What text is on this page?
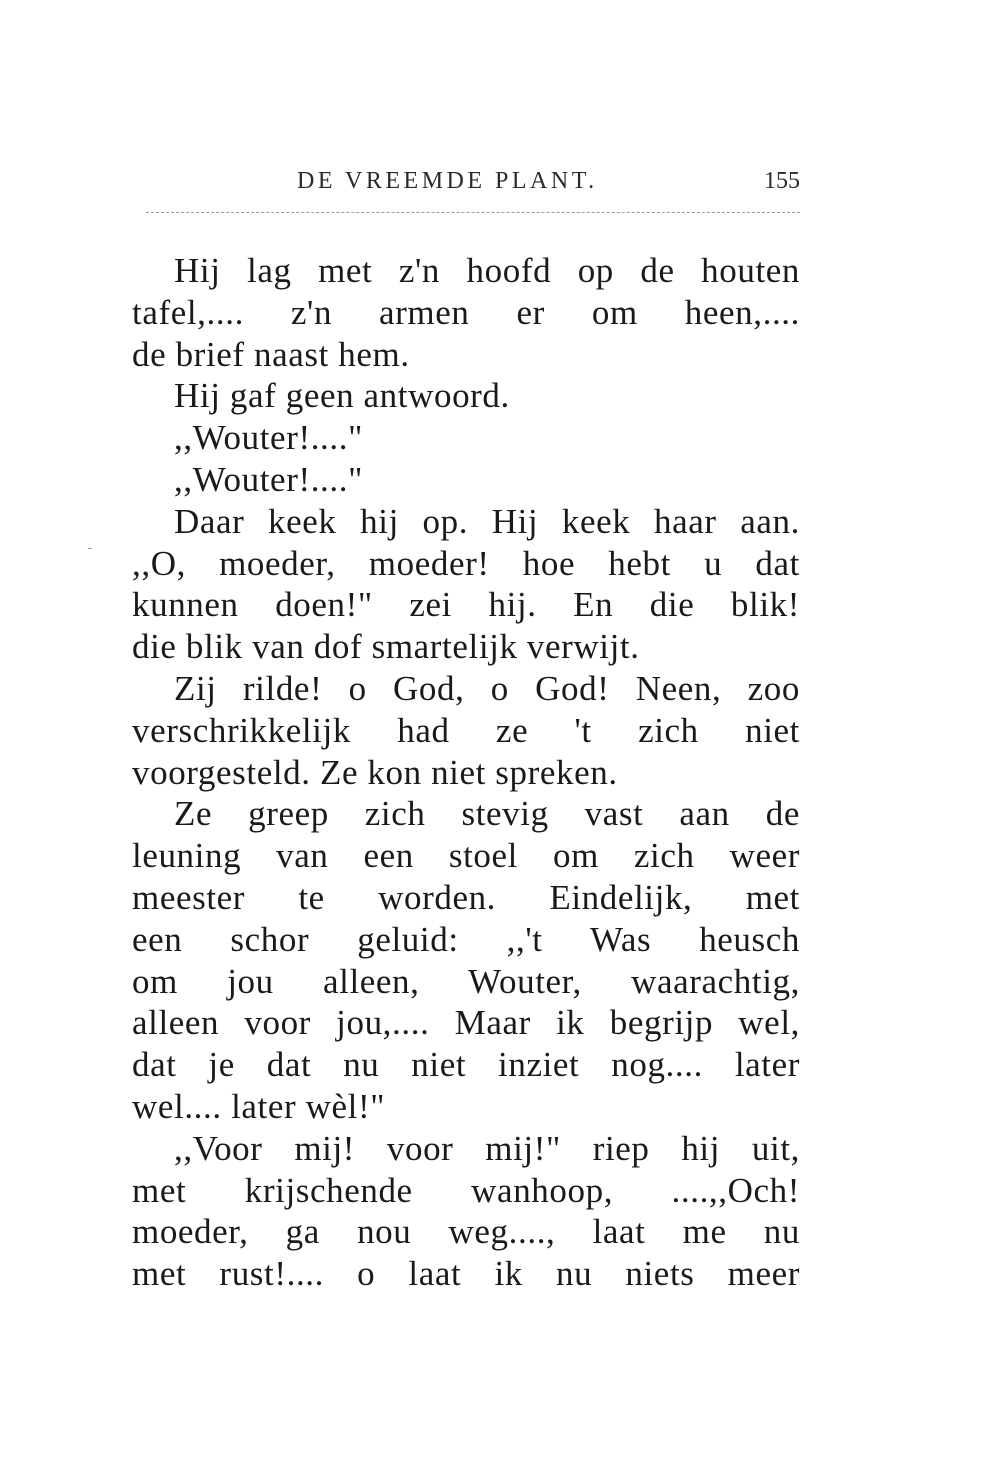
DE VREEMDE PLANT.	155
Hij lag met z'n hoofd op de houten
tafel,.... z'n armen er om heen,....
de brief naast hem.
Hij gaf geen antwoord.
,,Wouter!...."
,,Wouter!...."
Daar keek hij op. Hij keek haar aan.
,,O, moeder, moeder! hoe hebt u dat
kunnen doen!" zei hij. En die blik!
die blik van dof smartelijk verwijt.
Zij rilde! o God, o God! Neen, zoo
verschrikkelijk had ze 't zich niet
voorgesteld. Ze kon niet spreken.
Ze greep zich stevig vast aan de
leuning van een stoel om zich weer
meester te worden. Eindelijk, met
een schor geluid: ,,'t Was heusch
om jou alleen, Wouter, waarachtig,
alleen voor jou,.... Maar ik begrijp wel,
dat je dat nu niet inziet nog.... later
wel.... later wèl!"
,,Voor mij! voor mij!" riep hij uit,
met krijschende wanhoop, ....,,Och!
moeder, ga nou weg...., laat me nu
met rust!.... o laat ik nu niets meer
